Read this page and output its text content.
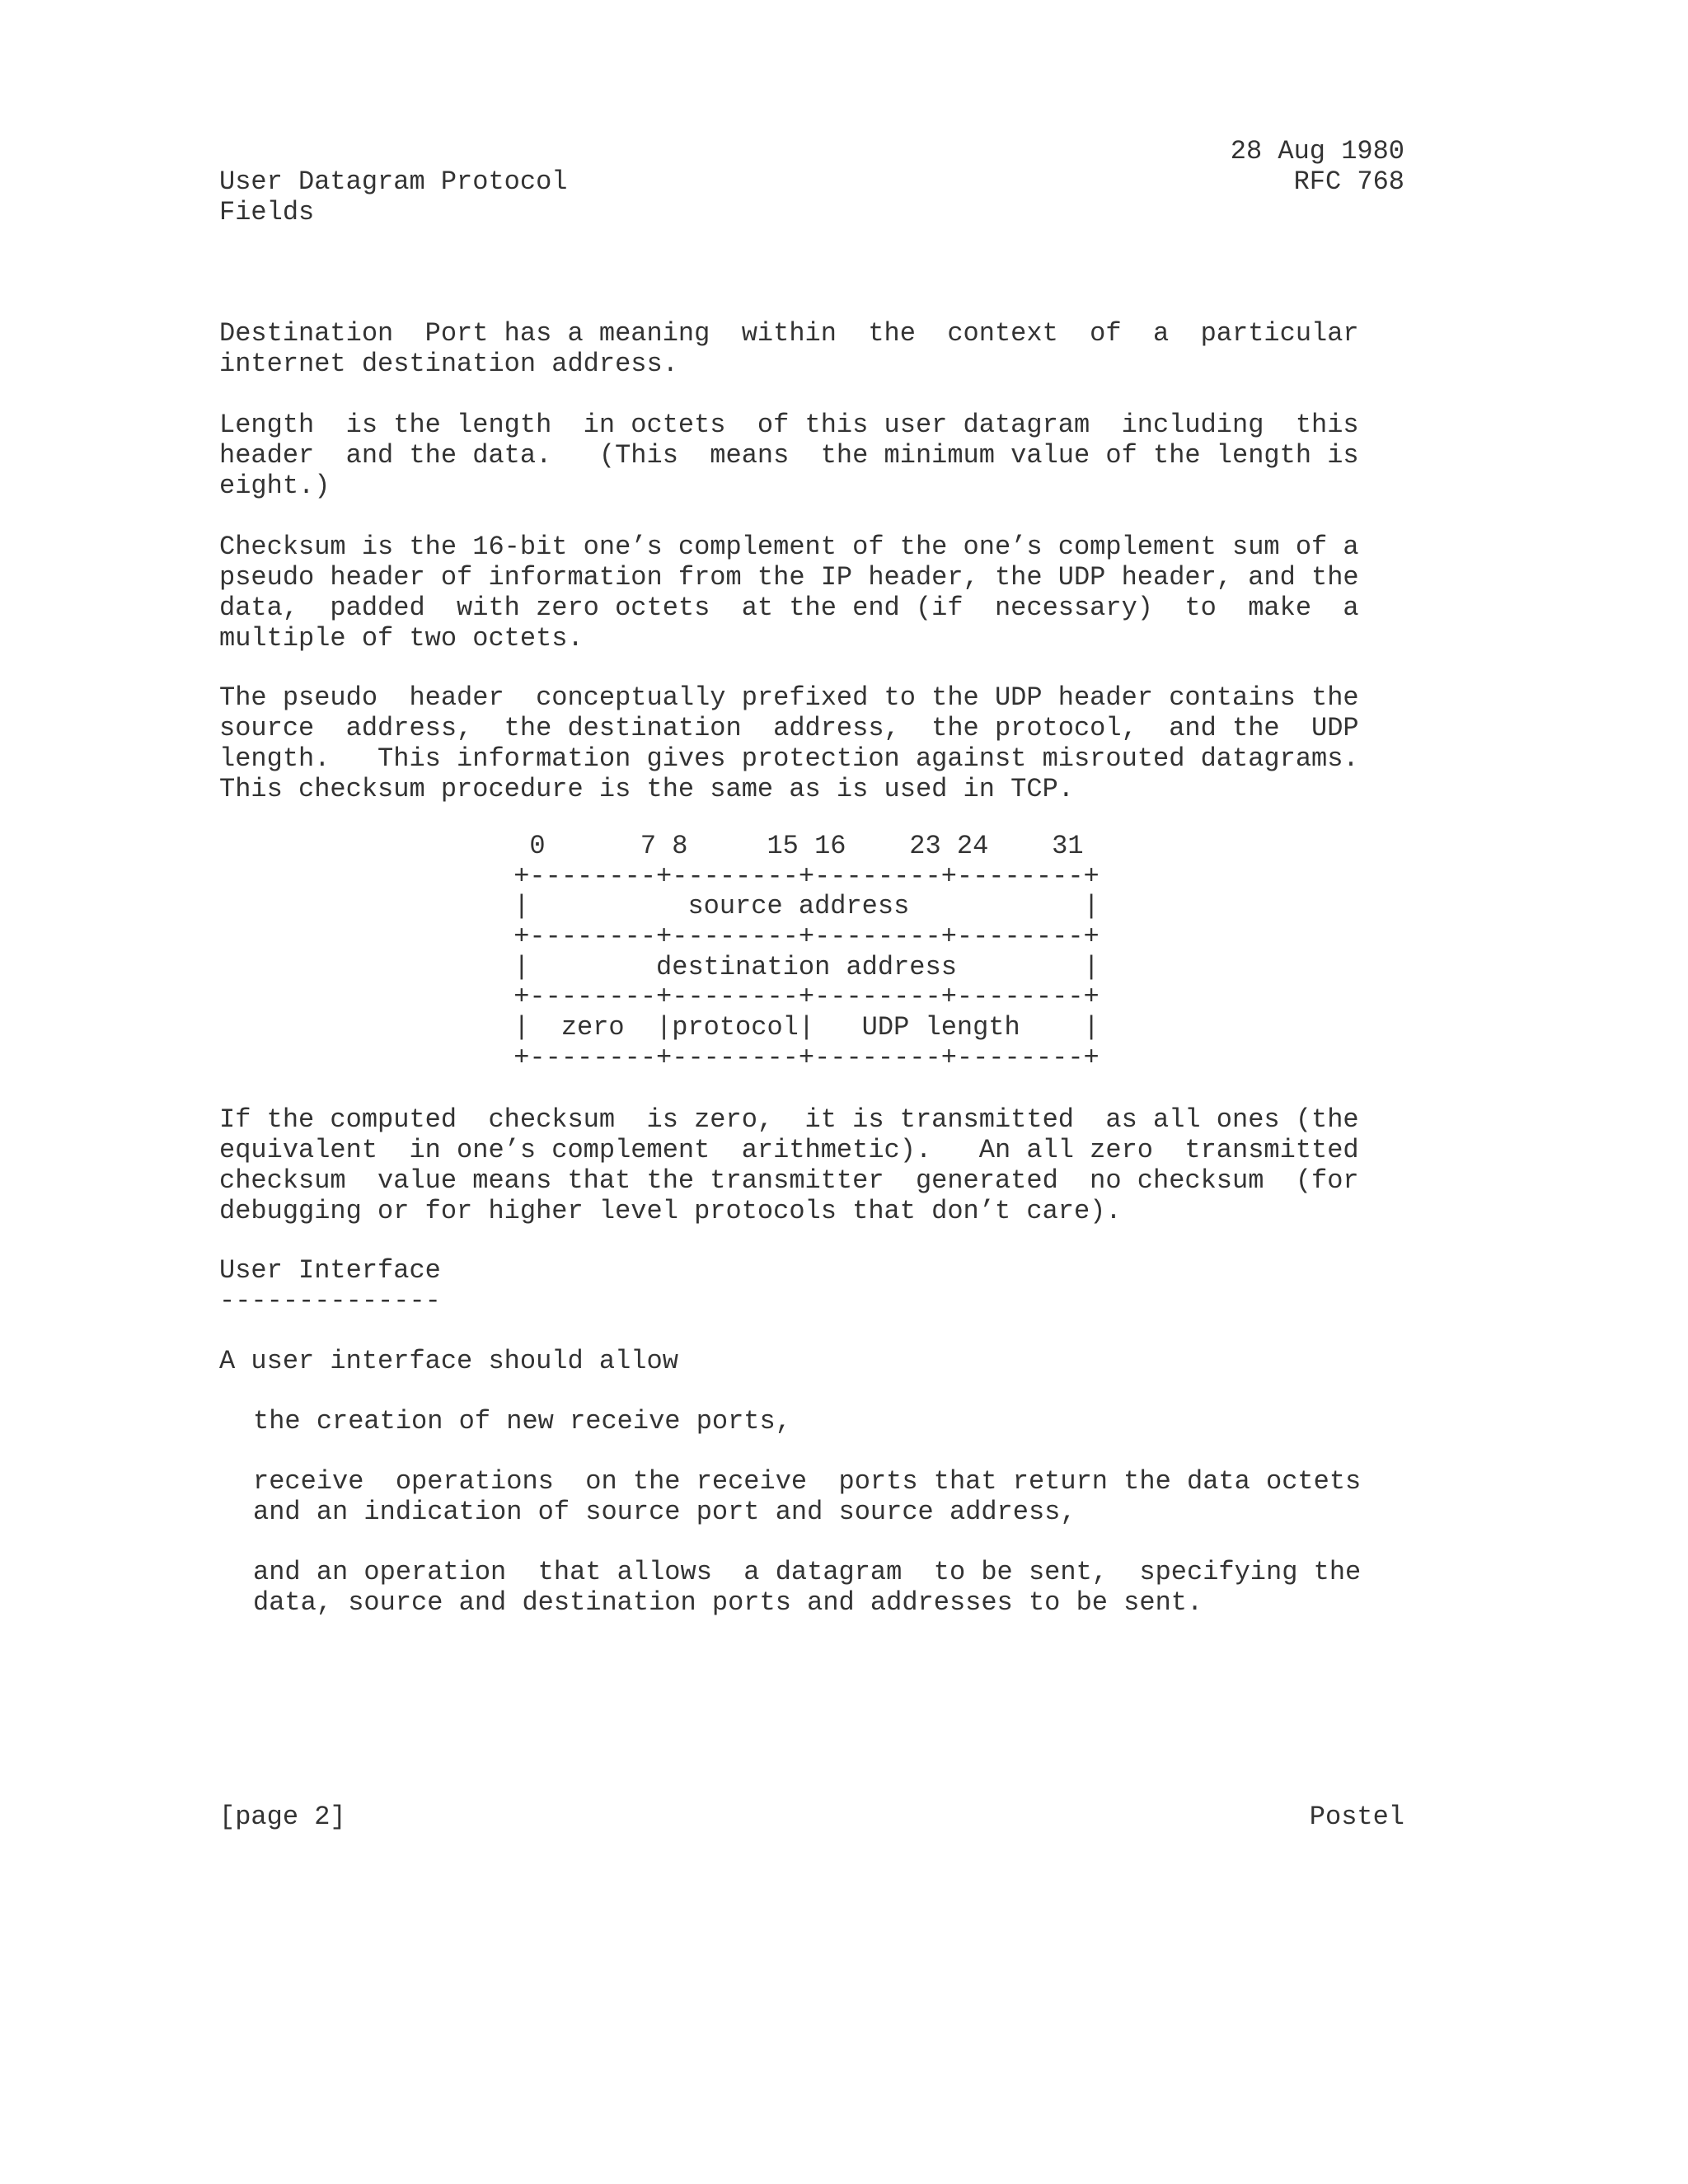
28 Aug 1980
User Datagram Protocol	RFC 768
Fields
Destination  Port has a meaning  within  the  context  of  a  particular
internet destination address.
Length  is the length  in octets  of this user datagram  including  this
header  and the data.   (This  means  the minimum value of the length is
eight.)
Checksum is the 16-bit one’s complement of the one’s complement sum of a
pseudo header of information from the IP header, the UDP header, and the
data,  padded  with zero octets  at the end (if  necessary)  to  make  a
multiple of two octets.
The pseudo  header  conceptually prefixed to the UDP header contains the
source  address,  the destination  address,  the protocol,  and the  UDP
length.   This information gives protection against misrouted datagrams.
This checksum procedure is the same as is used in TCP.
0      7 8     15 16    23 24    31
+--------+--------+--------+--------+
|          source address           |
+--------+--------+--------+--------+
|        destination address        |
+--------+--------+--------+--------+
|  zero  |protocol|   UDP length    |
+--------+--------+--------+--------+
If the computed  checksum  is zero,  it is transmitted  as all ones (the
equivalent  in one’s complement  arithmetic).   An all zero  transmitted
checksum  value means that the transmitter  generated  no checksum  (for
debugging or for higher level protocols that don’t care).
User Interface
--------------
A user interface should allow
the creation of new receive ports,
receive  operations  on the receive  ports that return the data octets
and an indication of source port and source address,
and an operation  that allows  a datagram  to be sent,  specifying the
data, source and destination ports and addresses to be sent.
[page 2]	Postel
